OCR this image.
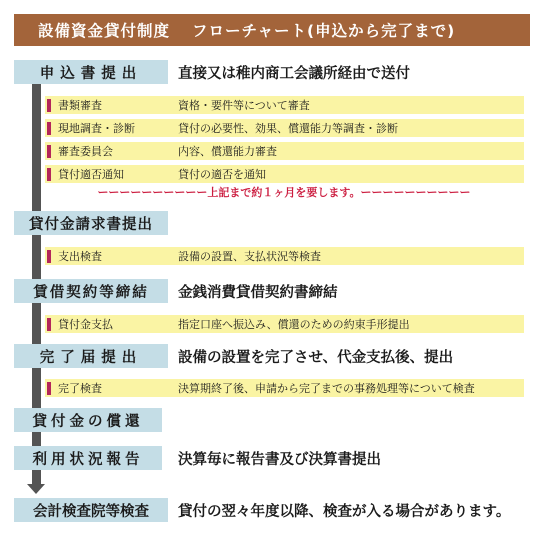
設備資金貸付制度 フローチャート(申込から完了まで)
申込書提出	直接又は稚内商工会議所経由で送付
書類審査	資格・要件等について審査
現地調査・診断	貸付の必要性、効果、償還能力等調査・診断
審査委員会	内容、償還能力審査
貸付適否通知	貸付の適否を通知
ーーーーーーーーーー上記まで約１ヶ月を要します。ーーーーーーーーーー
貸付金請求書提出
支出検査	設備の設置、支払状況等検査
賃借契約等締結	金銭消費貸借契約書締結
貸付金支払	指定口座へ振込み、償還のための約束手形提出
完了届提出	設備の設置を完了させ、代金支払後、提出
完了検査	決算期終了後、申請から完了までの事務処理等について検査
貸付金の償還
利用状況報告	決算毎に報告書及び決算書提出
会計検査院等検査	貸付の翌々年度以降、検査が入る場合があります。
